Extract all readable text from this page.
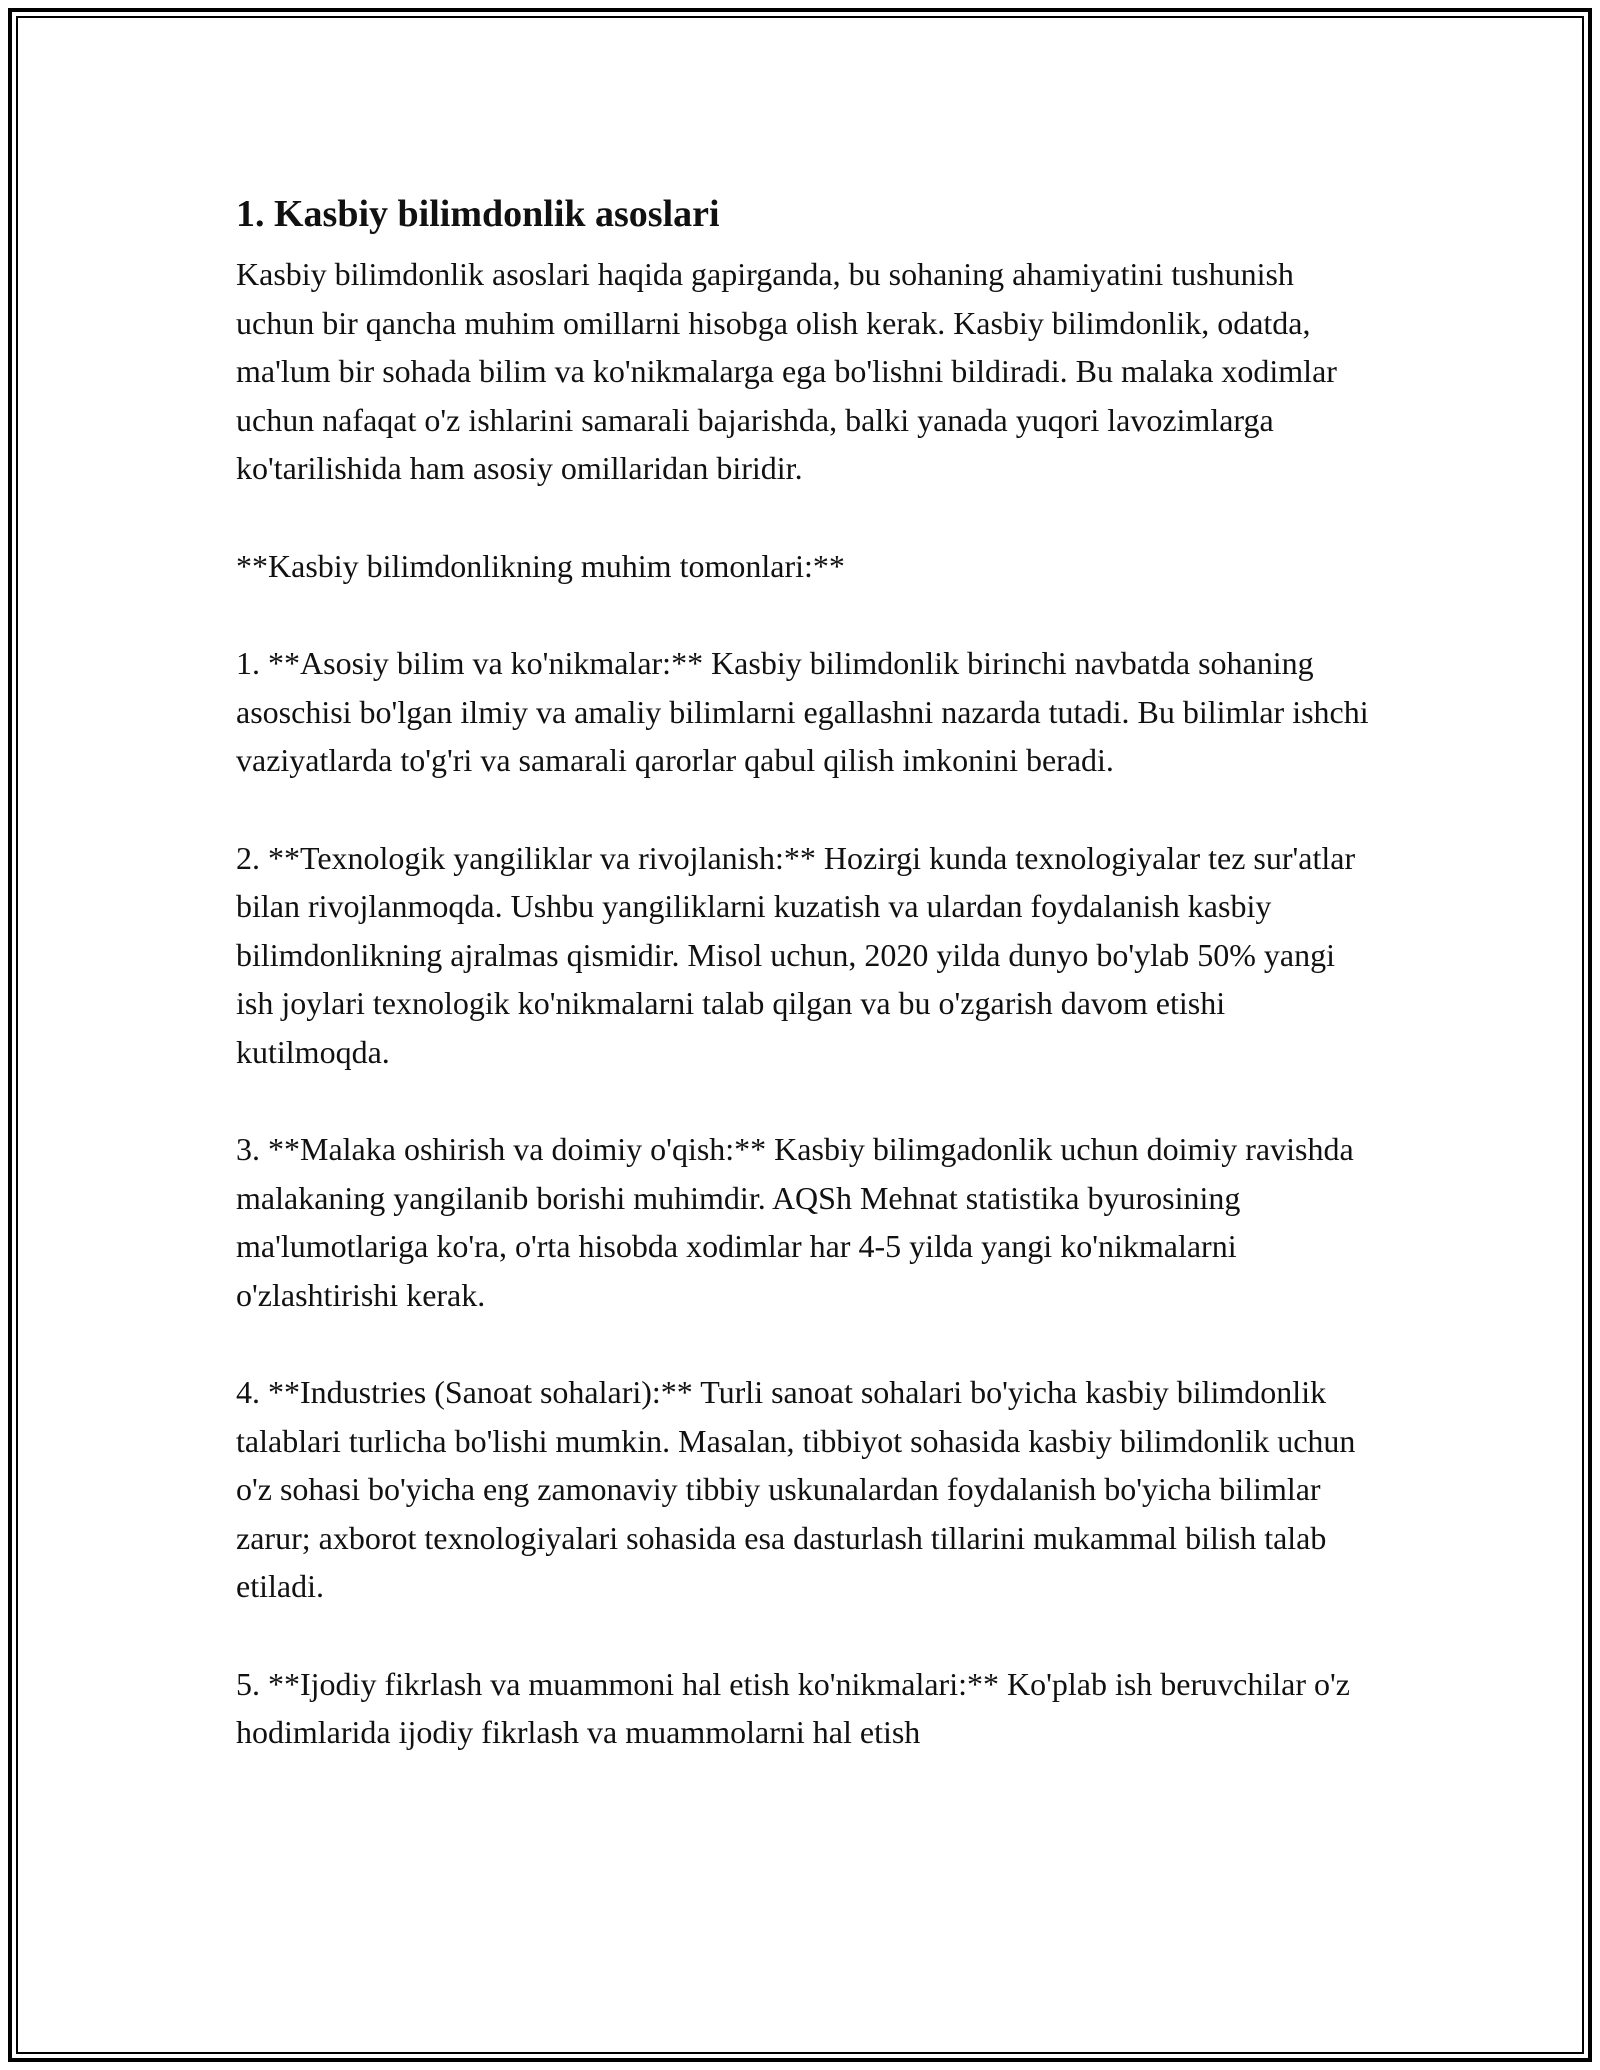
1. Kasbiy bilimdonlik asoslari

Kasbiy bilimdonlik asoslari haqida gapirganda, bu sohaning ahamiyatini tushunish uchun bir qancha muhim omillarni hisobga olish kerak. Kasbiy bilimdonlik, odatda, ma'lum bir sohada bilim va ko'nikmalarga ega bo'lishni bildiradi. Bu malaka xodimlar uchun nafaqat o'z ishlarini samarali bajarishda, balki yanada yuqori lavozimlarga ko'tarilishida ham asosiy omillaridan biridir.

**Kasbiy bilimdonlikning muhim tomonlari:**

1. **Asosiy bilim va ko'nikmalar:** Kasbiy bilimdonlik birinchi navbatda sohaning asoschisi bo'lgan ilmiy va amaliy bilimlarni egallashni nazarda tutadi. Bu bilimlar ishchi vaziyatlarda to'g'ri va samarali qarorlar qabul qilish imkonini beradi.

2. **Texnologik yangiliklar va rivojlanish:** Hozirgi kunda texnologiyalar tez sur'atlar bilan rivojlanmoqda. Ushbu yangiliklarni kuzatish va ulardan foydalanish kasbiy bilimdonlikning ajralmas qismidir. Misol uchun, 2020 yilda dunyo bo'ylab 50% yangi ish joylari texnologik ko'nikmalarni talab qilgan va bu o'zgarish davom etishi kutilmoqda.

3. **Malaka oshirish va doimiy o'qish:** Kasbiy bilimgadonlik uchun doimiy ravishda malakaning yangilanib borishi muhimdir. AQSh Mehnat statistika byurosining ma'lumotlariga ko'ra, o'rta hisobda xodimlar har 4-5 yilda yangi ko'nikmalarni o'zlashtirishi kerak.

4. **Industries (Sanoat sohalari):** Turli sanoat sohalari bo'yicha kasbiy bilimdonlik talablari turlicha bo'lishi mumkin. Masalan, tibbiyot sohasida kasbiy bilimdonlik uchun o'z sohasi bo'yicha eng zamonaviy tibbiy uskunalardan foydalanish bo'yicha bilimlar zarur; axborot texnologiyalari sohasida esa dasturlash tillarini mukammal bilish talab etiladi.

5. **Ijodiy fikrlash va muammoni hal etish ko'nikmalari:** Ko'plab ish beruvchilar o'z hodimlarida ijodiy fikrlash va muammolarni hal etish
